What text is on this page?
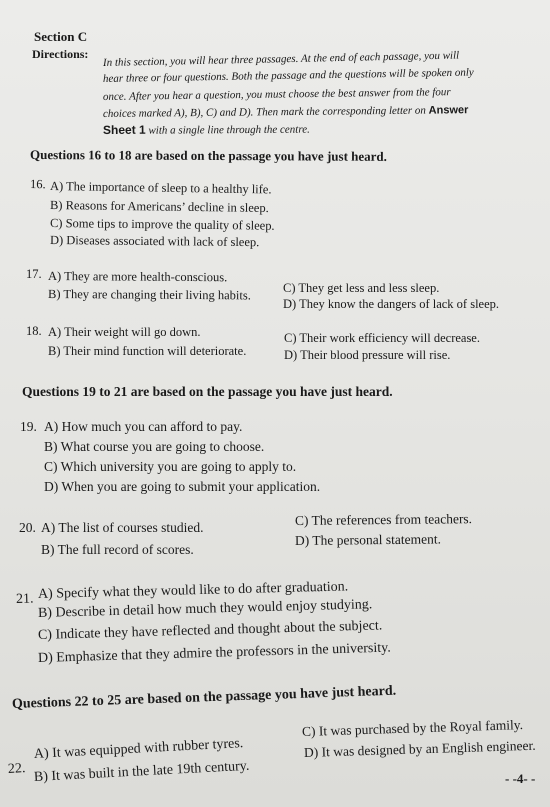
Section C
Directions: In this section, you will hear three passages. At the end of each passage, you will
hear three or four questions. Both the passage and the questions will be spoken only
once. After you hear a question, you must choose the best answer from the four
choices marked A), B), C) and D). Then mark the corresponding letter on Answer
Sheet 1 with a single line through the centre.
Questions 16 to 18 are based on the passage you have just heard.
16. A) The importance of sleep to a healthy life.
B) Reasons for Americans’ decline in sleep.
C) Some tips to improve the quality of sleep.
D) Diseases associated with lack of sleep.
17. A) They are more health-conscious.
B) They are changing their living habits.	C) They get less and less sleep.
D) They know the dangers of lack of sleep.
18. A) Their weight will go down.
B) Their mind function will deteriorate.
C) Their work efficiency will decrease.
D) Their blood pressure will rise.
Questions 19 to 21 are based on the passage you have just heard.
19. A) How much you can afford to pay.
B) What course you are going to choose.
C) Which university you are going to apply to.
D) When you are going to submit your application.
20. A) The list of courses studied.
B) The full record of scores.
C) The references from teachers.
D) The personal statement.
21. A) Specify what they would like to do after graduation.
B) Describe in detail how much they would enjoy studying.
C) Indicate they have reflected and thought about the subject.
D) Emphasize that they admire the professors in the university.
Questions 22 to 25 are based on the passage you have just heard.
22.
A) It was equipped with rubber tyres.
B) It was built in the late 19th century.
C) It was purchased by the Royal family.
D) It was designed by an English engineer.
- -4- -
